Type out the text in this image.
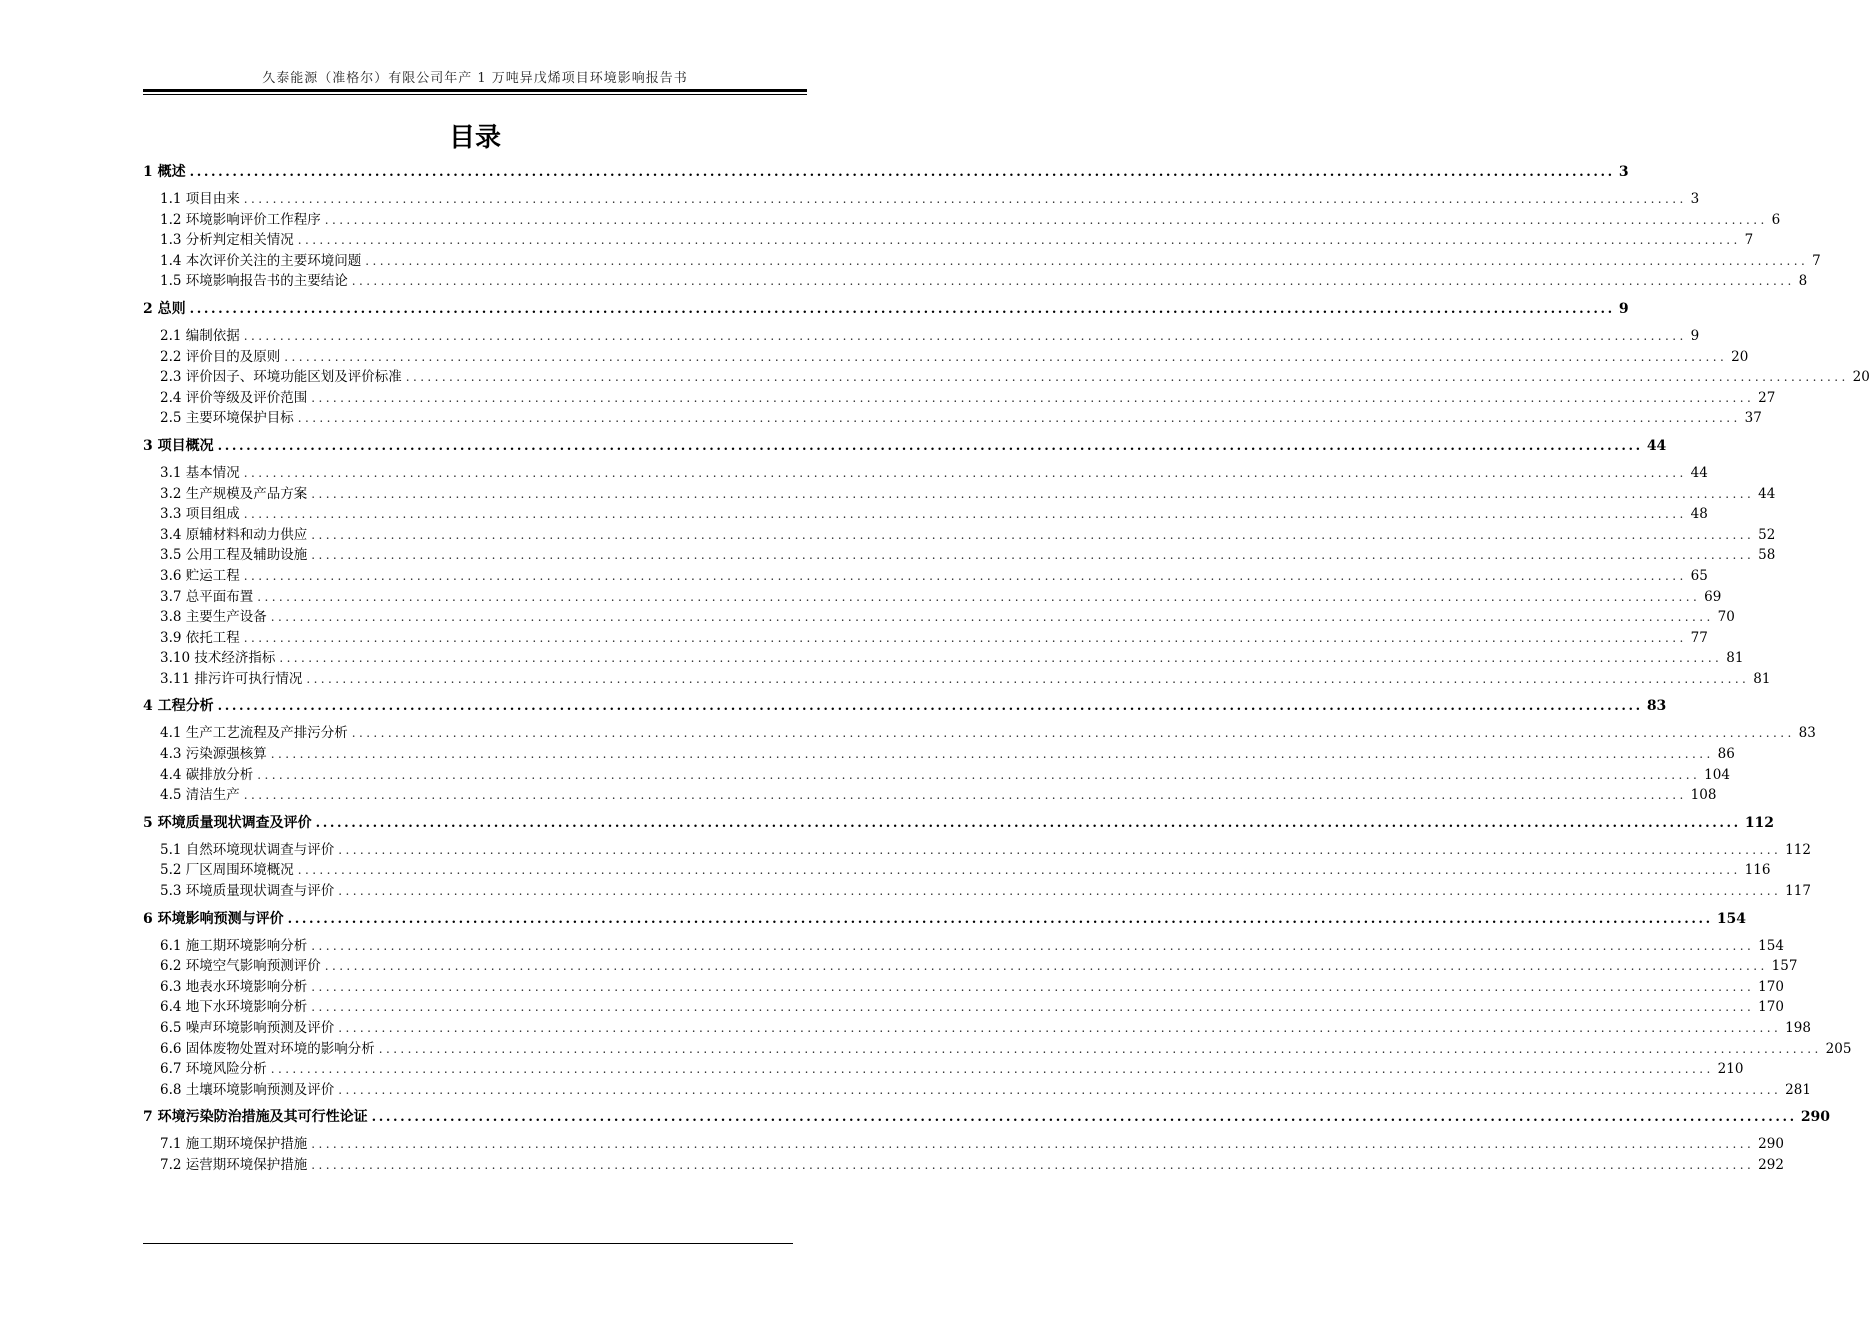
久泰能源（准格尔）有限公司年产 1 万吨异戊烯项目环境影响报告书
目录
1 概述 ........................................................................................................................................................................................................ 3
1.1 项目由来 ........................................................................................................................................................................................................ 3
1.2 环境影响评价工作程序 ........................................................................................................................................................................................................ 6
1.3 分析判定相关情况 ........................................................................................................................................................................................................ 7
1.4 本次评价关注的主要环境问题 ........................................................................................................................................................................................................ 7
1.5 环境影响报告书的主要结论 ........................................................................................................................................................................................................ 8
2 总则 ........................................................................................................................................................................................................ 9
2.1 编制依据 ........................................................................................................................................................................................................ 9
2.2 评价目的及原则 ........................................................................................................................................................................................................ 20
2.3 评价因子、环境功能区划及评价标准 ........................................................................................................................................................................................................ 20
2.4 评价等级及评价范围 ........................................................................................................................................................................................................ 27
2.5 主要环境保护目标 ........................................................................................................................................................................................................ 37
3 项目概况 ........................................................................................................................................................................................................ 44
3.1 基本情况 ........................................................................................................................................................................................................ 44
3.2 生产规模及产品方案 ........................................................................................................................................................................................................ 44
3.3 项目组成 ........................................................................................................................................................................................................ 48
3.4 原辅材料和动力供应 ........................................................................................................................................................................................................ 52
3.5 公用工程及辅助设施 ........................................................................................................................................................................................................ 58
3.6 贮运工程 ........................................................................................................................................................................................................ 65
3.7 总平面布置 ........................................................................................................................................................................................................ 69
3.8 主要生产设备 ........................................................................................................................................................................................................ 70
3.9 依托工程 ........................................................................................................................................................................................................ 77
3.10 技术经济指标 ........................................................................................................................................................................................................ 81
3.11 排污许可执行情况 ........................................................................................................................................................................................................ 81
4 工程分析 ........................................................................................................................................................................................................ 83
4.1 生产工艺流程及产排污分析 ........................................................................................................................................................................................................ 83
4.3 污染源强核算 ........................................................................................................................................................................................................ 86
4.4 碳排放分析 ........................................................................................................................................................................................................ 104
4.5 清洁生产 ........................................................................................................................................................................................................ 108
5 环境质量现状调查及评价 ........................................................................................................................................................................................................ 112
5.1 自然环境现状调查与评价 ........................................................................................................................................................................................................ 112
5.2 厂区周围环境概况 ........................................................................................................................................................................................................ 116
5.3 环境质量现状调查与评价 ........................................................................................................................................................................................................ 117
6 环境影响预测与评价 ........................................................................................................................................................................................................ 154
6.1 施工期环境影响分析 ........................................................................................................................................................................................................ 154
6.2 环境空气影响预测评价 ........................................................................................................................................................................................................ 157
6.3 地表水环境影响分析 ........................................................................................................................................................................................................ 170
6.4 地下水环境影响分析 ........................................................................................................................................................................................................ 170
6.5 噪声环境影响预测及评价 ........................................................................................................................................................................................................ 198
6.6 固体废物处置对环境的影响分析 ........................................................................................................................................................................................................ 205
6.7 环境风险分析 ........................................................................................................................................................................................................ 210
6.8 土壤环境影响预测及评价 ........................................................................................................................................................................................................ 281
7 环境污染防治措施及其可行性论证 ........................................................................................................................................................................................................ 290
7.1 施工期环境保护措施 ........................................................................................................................................................................................................ 290
7.2 运营期环境保护措施 ........................................................................................................................................................................................................ 292
